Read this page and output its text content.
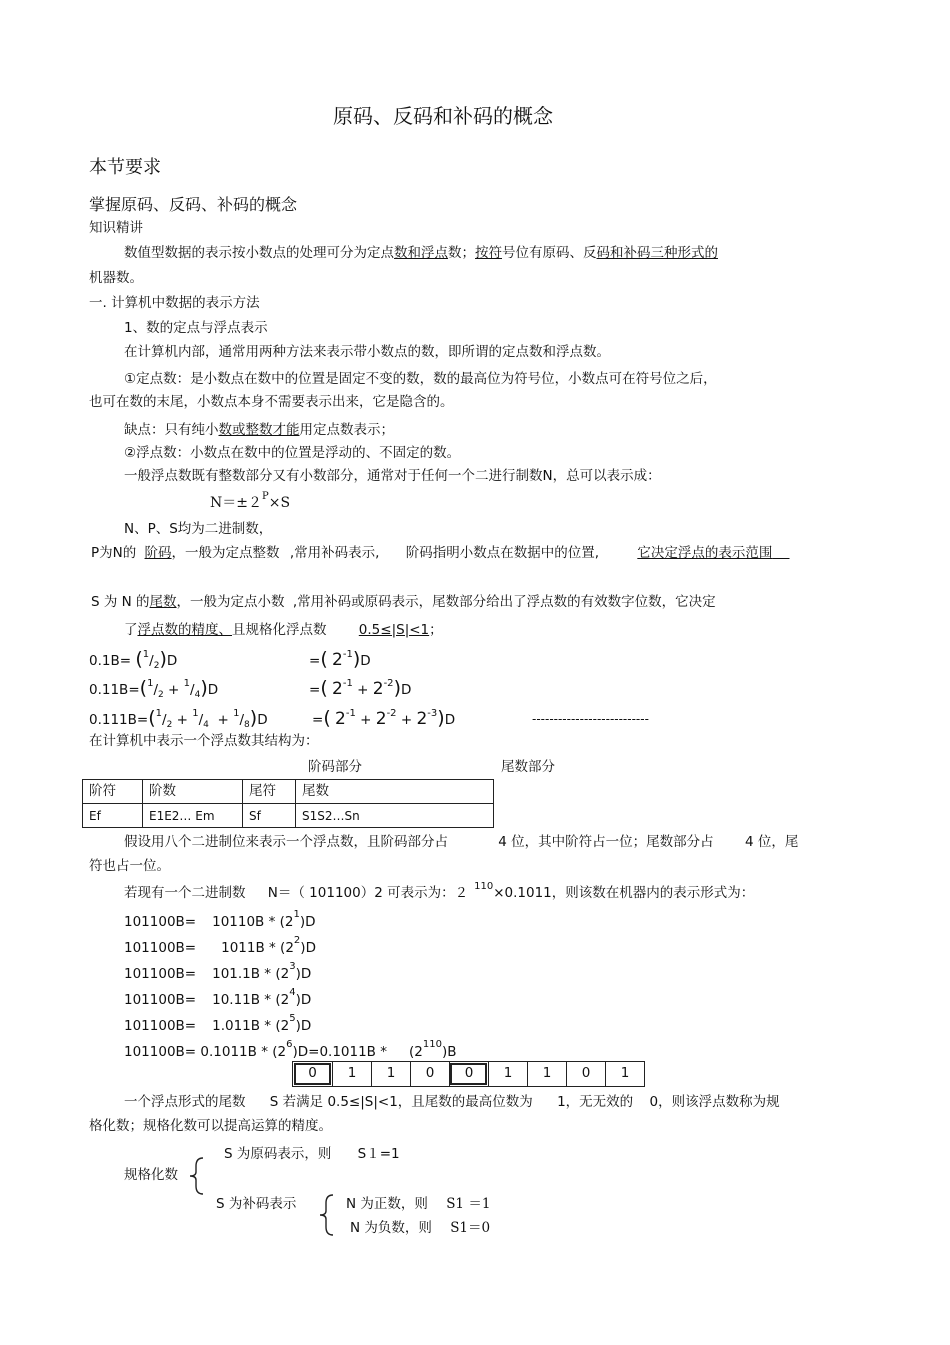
原码、反码和补码的概念
本节要求
掌握原码、反码、补码的概念
知识精讲
数值型数据的表示按小数点的处理可分为定点数和浮点数；按符号位有原码、反码和补码三种形式的
机器数。
一. 计算机中数据的表示方法
1、数的定点与浮点表示
在计算机内部，通常用两种方法来表示带小数点的数，即所谓的定点数和浮点数。
①定点数：是小数点在数中的位置是固定不变的数，数的最高位为符号位，小数点可在符号位之后，
也可在数的末尾，小数点本身不需要表示出来，它是隐含的。
缺点：只有纯小数或整数才能用定点数表示；
②浮点数：小数点在数中的位置是浮动的、不固定的数。
一般浮点数既有整数部分又有小数部分，通常对于任何一个二进行制数N，总可以表示成：
$N=\pm 2^P\times S$
N、P、S均为二进制数，
P为N的 阶码，一般为定点整数 ,常用补码表示, 阶码指明小数点在数据中的位置,	它决定浮点的表示范围
S 为 N 的尾数，一般为定点小数 ,常用补码或原码表示，尾数部分给出了浮点数的有效数字位数，它决定
了浮点数的精度、且规格化浮点数 0.5≤|S|<1；
$0.1B= (^1/_2)D$	=( $2^{-1})D$
$0.11B=(^1/_2 + ^1/_4)D$	=( $2^{-1} + 2^{-2})D$
$0.111B=(^1/_2 + ^1/_4 + ^1/_8)D$	=( $2^{-1} + 2^{-2} + 2^{-3})D$	---------------------------
在计算机中表示一个浮点数其结构为：
阶码部分	尾数部分
阶符	阶数	尾符	尾数
Ef	E1E2… Em	Sf	S1S2…Sn
假设用八个二进制位来表示一个浮点数，且阶码部分占	4 位，其中阶符占一位；尾数部分占 4 位，尾
符也占一位。
若现有一个二进制数 N＝（ 101100）2 可表示为：２ $^{110}$×0.1011，则该数在机器内的表示形式为：
$101100B= 10110B * (2^1)D$
$101100B= 1011B * (2^2)D$
$101100B= 101.1B * (2^3)D$
$101100B= 10.11B * (2^4)D$
$101100B= 1.011B * (2^5)D$
$101100B= 0.1011B * (2^6)D=0.1011B * (2^{110})B$
0	1	1	0	0	1	1	0	1
一个浮点形式的尾数 S 若满足 0.5≤|S|<1，且尾数的最高位数为 1，无无效的 0，则该浮点数称为规
格化数；规格化数可以提高运算的精度。
规格化数
S 为原码表示，则 S１=1
S 为补码表示	N 为正数，则 S1 ＝1
N 为负数，则 S1＝0
